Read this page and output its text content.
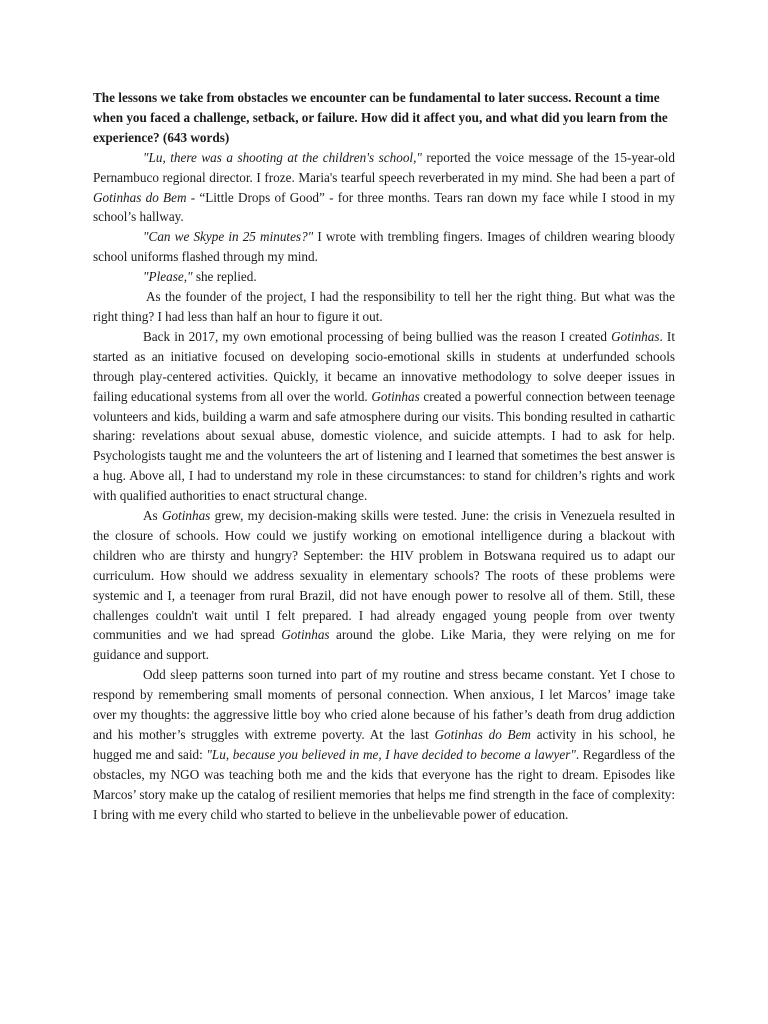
The lessons we take from obstacles we encounter can be fundamental to later success. Recount a time when you faced a challenge, setback, or failure. How did it affect you, and what did you learn from the experience? (643 words)

"Lu, there was a shooting at the children's school," reported the voice message of the 15-year-old Pernambuco regional director. I froze. Maria's tearful speech reverberated in my mind. She had been a part of Gotinhas do Bem - “Little Drops of Good” - for three months. Tears ran down my face while I stood in my school’s hallway.

"Can we Skype in 25 minutes?" I wrote with trembling fingers. Images of children wearing bloody school uniforms flashed through my mind.

"Please," she replied.

As the founder of the project, I had the responsibility to tell her the right thing. But what was the right thing? I had less than half an hour to figure it out.

Back in 2017, my own emotional processing of being bullied was the reason I created Gotinhas. It started as an initiative focused on developing socio-emotional skills in students at underfunded schools through play-centered activities. Quickly, it became an innovative methodology to solve deeper issues in failing educational systems from all over the world. Gotinhas created a powerful connection between teenage volunteers and kids, building a warm and safe atmosphere during our visits. This bonding resulted in cathartic sharing: revelations about sexual abuse, domestic violence, and suicide attempts. I had to ask for help. Psychologists taught me and the volunteers the art of listening and I learned that sometimes the best answer is a hug. Above all, I had to understand my role in these circumstances: to stand for children’s rights and work with qualified authorities to enact structural change.

As Gotinhas grew, my decision-making skills were tested. June: the crisis in Venezuela resulted in the closure of schools. How could we justify working on emotional intelligence during a blackout with children who are thirsty and hungry? September: the HIV problem in Botswana required us to adapt our curriculum. How should we address sexuality in elementary schools? The roots of these problems were systemic and I, a teenager from rural Brazil, did not have enough power to resolve all of them. Still, these challenges couldn't wait until I felt prepared. I had already engaged young people from over twenty communities and we had spread Gotinhas around the globe. Like Maria, they were relying on me for guidance and support.

Odd sleep patterns soon turned into part of my routine and stress became constant. Yet I chose to respond by remembering small moments of personal connection. When anxious, I let Marcos’ image take over my thoughts: the aggressive little boy who cried alone because of his father’s death from drug addiction and his mother’s struggles with extreme poverty. At the last Gotinhas do Bem activity in his school, he hugged me and said: "Lu, because you believed in me, I have decided to become a lawyer". Regardless of the obstacles, my NGO was teaching both me and the kids that everyone has the right to dream. Episodes like Marcos’ story make up the catalog of resilient memories that helps me find strength in the face of complexity: I bring with me every child who started to believe in the unbelievable power of education.
